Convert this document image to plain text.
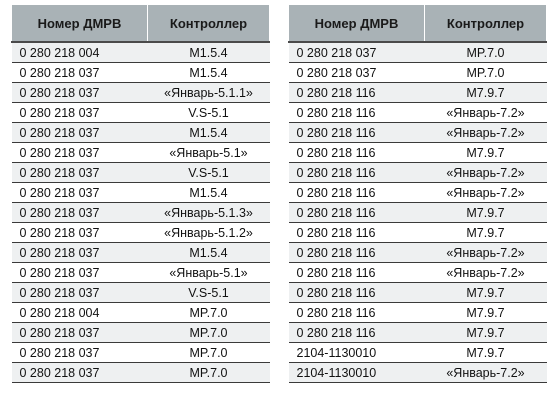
Номер ДМРВ	Контроллер
0 280 218 004	M1.5.4
0 280 218 037	M1.5.4
0 280 218 037	«Январь-5.1.1»
0 280 218 037	V.S-5.1
0 280 218 037	M1.5.4
0 280 218 037	«Январь-5.1»
0 280 218 037	V.S-5.1
0 280 218 037	M1.5.4
0 280 218 037	«Январь-5.1.3»
0 280 218 037	«Январь-5.1.2»
0 280 218 037	M1.5.4
0 280 218 037	«Январь-5.1»
0 280 218 037	V.S-5.1
0 280 218 004	MP.7.0
0 280 218 037	MP.7.0
0 280 218 037	MP.7.0
0 280 218 037	MP.7.0
Номер ДМРВ	Контроллер
0 280 218 037	MP.7.0
0 280 218 037	MP.7.0
0 280 218 116	M7.9.7
0 280 218 116	«Январь-7.2»
0 280 218 116	«Январь-7.2»
0 280 218 116	M7.9.7
0 280 218 116	«Январь-7.2»
0 280 218 116	«Январь-7.2»
0 280 218 116	M7.9.7
0 280 218 116	M7.9.7
0 280 218 116	«Январь-7.2»
0 280 218 116	«Январь-7.2»
0 280 218 116	M7.9.7
0 280 218 116	M7.9.7
0 280 218 116	M7.9.7
2104-1130010	M7.9.7
2104-1130010	«Январь-7.2»
